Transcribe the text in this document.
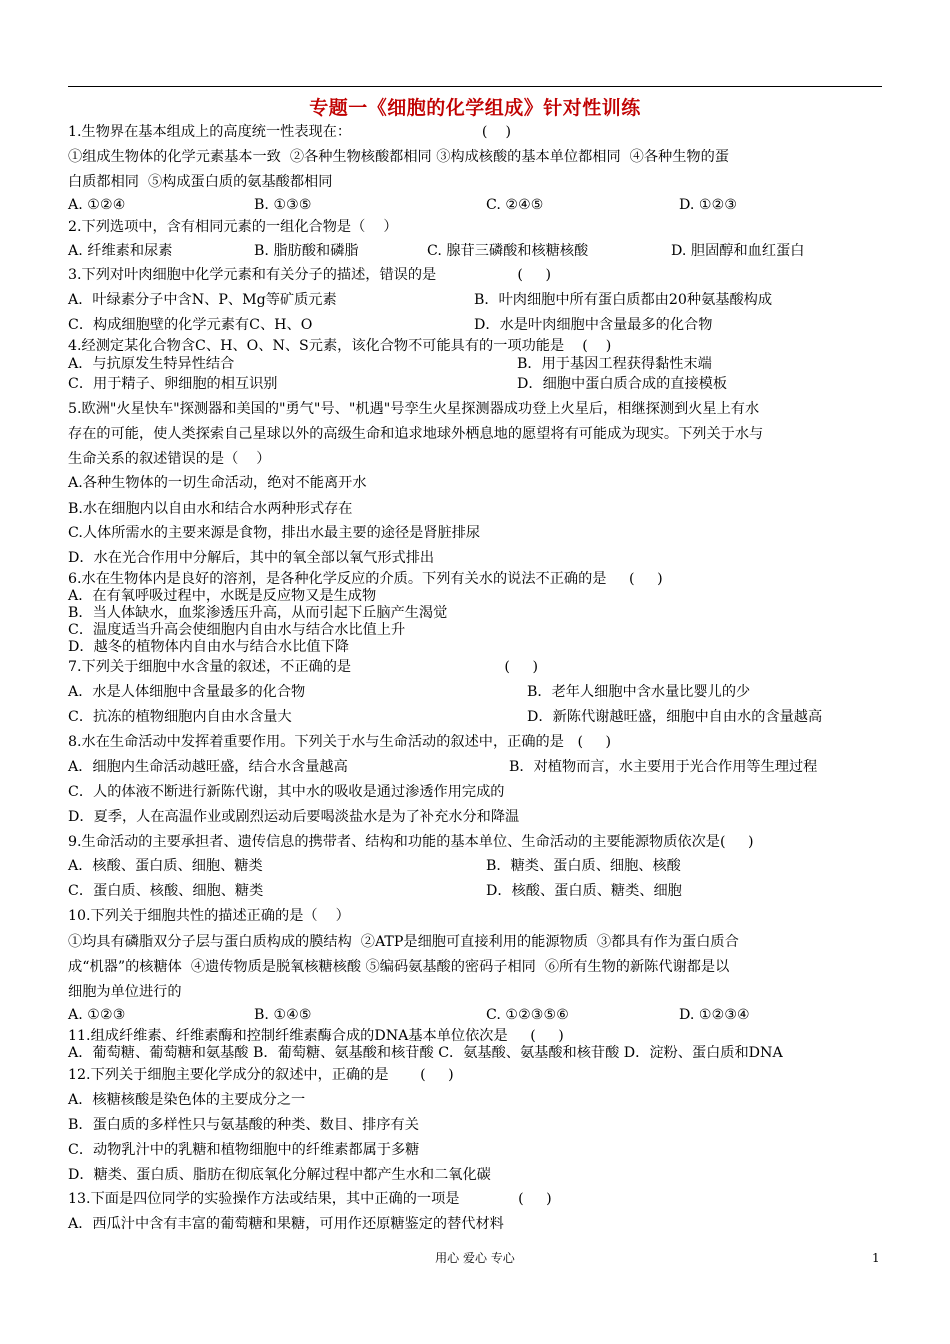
专题一《细胞的化学组成》针对性训练
1.生物界在基本组成上的高度统一性表现在：                             (    )
①组成生物体的化学元素基本一致  ②各种生物核酸都相同 ③构成核酸的基本单位都相同  ④各种生物的蛋
白质都相同  ⑤构成蛋白质的氨基酸都相同
A. ①②④	B. ①③⑤	C. ②④⑤	D. ①②③
2.下列选项中，含有相同元素的一组化合物是（    ）
A. 纤维素和尿素	B. 脂肪酸和磷脂	C. 腺苷三磷酸和核糖核酸	D. 胆固醇和血红蛋白
3.下列对叶肉细胞中化学元素和有关分子的描述，错误的是                  (     )
A．叶绿素分子中含N、P、Mg等矿质元素	B．叶肉细胞中所有蛋白质都由20种氨基酸构成
C．构成细胞壁的化学元素有C、H、O	D．水是叶肉细胞中含量最多的化合物
4.经测定某化合物含C、H、O、N、S元素，该化合物不可能具有的一项功能是    (    )
A．与抗原发生特异性结合	B．用于基因工程获得黏性末端
C．用于精子、卵细胞的相互识别	D．细胞中蛋白质合成的直接模板
5.欧洲"火星快车"探测器和美国的"勇气"号、"机遇"号孪生火星探测器成功登上火星后，相继探测到火星上有水
存在的可能，使人类探索自己星球以外的高级生命和追求地球外栖息地的愿望将有可能成为现实。下列关于水与
生命关系的叙述错误的是（    ）
A.各种生物体的一切生命活动，绝对不能离开水
B.水在细胞内以自由水和结合水两种形式存在
C.人体所需水的主要来源是食物，排出水最主要的途径是肾脏排尿
D．水在光合作用中分解后，其中的氧全部以氧气形式排出
6.水在生物体内是良好的溶剂，是各种化学反应的介质。下列有关水的说法不正确的是     (     )
A．在有氧呼吸过程中，水既是反应物又是生成物
B．当人体缺水，血浆渗透压升高，从而引起下丘脑产生渴觉
C．温度适当升高会使细胞内自由水与结合水比值上升
D．越冬的植物体内自由水与结合水比值下降
7.下列关于细胞中水含量的叙述，不正确的是                                  (     )
A．水是人体细胞中含量最多的化合物	B．老年人细胞中含水量比婴儿的少
C．抗冻的植物细胞内自由水含量大	D．新陈代谢越旺盛，细胞中自由水的含量越高
8.水在生命活动中发挥着重要作用。下列关于水与生命活动的叙述中，正确的是   (     )
A．细胞内生命活动越旺盛，结合水含量越高	B．对植物而言，水主要用于光合作用等生理过程
C．人的体液不断进行新陈代谢，其中水的吸收是通过渗透作用完成的
D．夏季，人在高温作业或剧烈运动后要喝淡盐水是为了补充水分和降温
9.生命活动的主要承担者、遗传信息的携带者、结构和功能的基本单位、生命活动的主要能源物质依次是(     )
A．核酸、蛋白质、细胞、糖类	B．糖类、蛋白质、细胞、核酸
C．蛋白质、核酸、细胞、糖类	D．核酸、蛋白质、糖类、细胞
10.下列关于细胞共性的描述正确的是（    ）
①均具有磷脂双分子层与蛋白质构成的膜结构  ②ATP是细胞可直接利用的能源物质  ③都具有作为蛋白质合
成“机器”的核糖体  ④遗传物质是脱氧核糖核酸 ⑤编码氨基酸的密码子相同  ⑥所有生物的新陈代谢都是以
细胞为单位进行的
A. ①②③	B. ①④⑤	C. ①②③⑤⑥	D. ①②③④
11.组成纤维素、纤维素酶和控制纤维素酶合成的DNA基本单位依次是     (     )
A．葡萄糖、葡萄糖和氨基酸 B．葡萄糖、氨基酸和核苷酸 C．氨基酸、氨基酸和核苷酸 D．淀粉、蛋白质和DNA
12.下列关于细胞主要化学成分的叙述中，正确的是       (     )
A．核糖核酸是染色体的主要成分之一
B．蛋白质的多样性只与氨基酸的种类、数目、排序有关
C．动物乳汁中的乳糖和植物细胞中的纤维素都属于多糖
D．糖类、蛋白质、脂肪在彻底氧化分解过程中都产生水和二氧化碳
13.下面是四位同学的实验操作方法或结果，其中正确的一项是             (     )
A．西瓜汁中含有丰富的葡萄糖和果糖，可用作还原糖鉴定的替代材料
用心 爱心 专心	1
